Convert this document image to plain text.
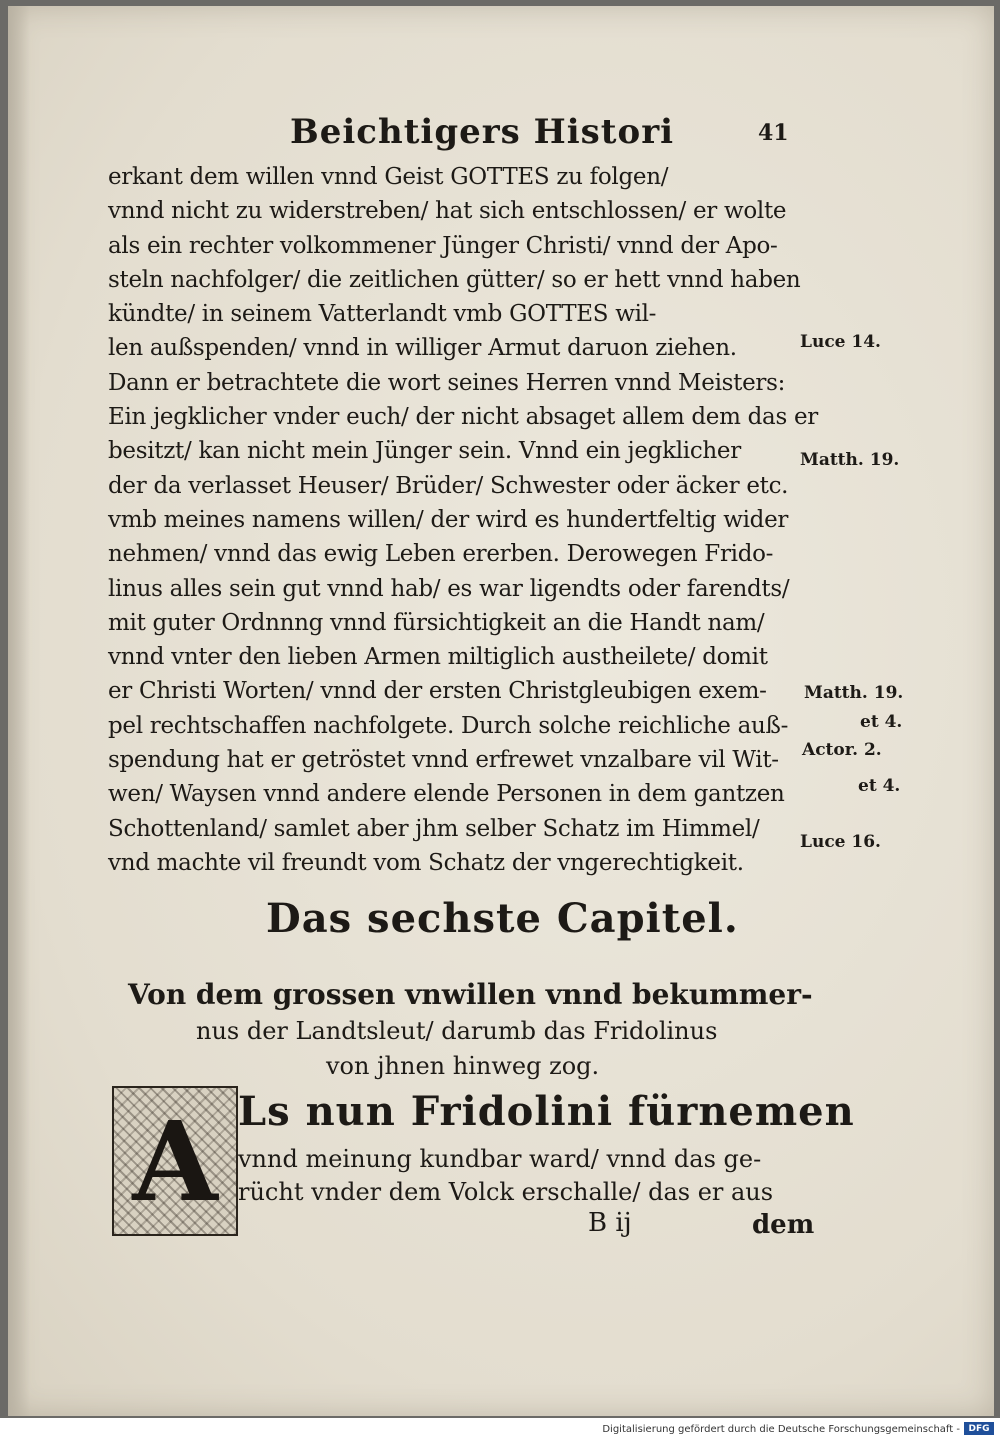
Beichtigers Histori	41
erkant dem willen vnnd Geist GOTTES zu folgen/
vnnd nicht zu widerstreben/ hat sich entschlossen/ er wolte
als ein rechter volkommener Jünger Christi/ vnnd der Apo-
steln nachfolger/ die zeitlichen gütter/ so er hett vnnd haben
kündte/ in seinem Vatterlandt vmb GOTTES wil-
len außspenden/ vnnd in williger Armut daruon ziehen.
Dann er betrachtete die wort seines Herren vnnd Meisters:
Ein jegklicher vnder euch/ der nicht absaget allem dem das er
besitzt/ kan nicht mein Jünger sein. Vnnd ein jegklicher
der da verlasset Heuser/ Brüder/ Schwester oder äcker etc.
vmb meines namens willen/ der wird es hundertfeltig wider
nehmen/ vnnd das ewig Leben ererben. Derowegen Frido-
linus alles sein gut vnnd hab/ es war ligendts oder farendts/
mit guter Ordnnng vnnd fürsichtigkeit an die Handt nam/
vnnd vnter den lieben Armen miltiglich austheilete/ domit
er Christi Worten/ vnnd der ersten Christgleubigen exem-
pel rechtschaffen nachfolgete. Durch solche reichliche auß-
spendung hat er getröstet vnnd erfrewet vnzalbare vil Wit-
wen/ Waysen vnnd andere elende Personen in dem gantzen
Schottenland/ samlet aber jhm selber Schatz im Himmel/
vnd machte vil freundt vom Schatz der vngerechtigkeit.
Luce 14.
Matth. 19.
Matth. 19.
et 4.
Actor. 2.
et 4.
Luce 16.
Das sechste Capitel.
Von dem grossen vnwillen vnnd bekummer-
nus der Landtsleut/ darumb das Fridolinus
von jhnen hinweg zog.
A Ls nun Fridolini fürnemen
vnnd meinung kundbar ward/ vnnd das ge-
rücht vnder dem Volck erschalle/ das er aus
B ij	dem
Digitalisierung gefördert durch die Deutsche Forschungsgemeinschaft - DFG
